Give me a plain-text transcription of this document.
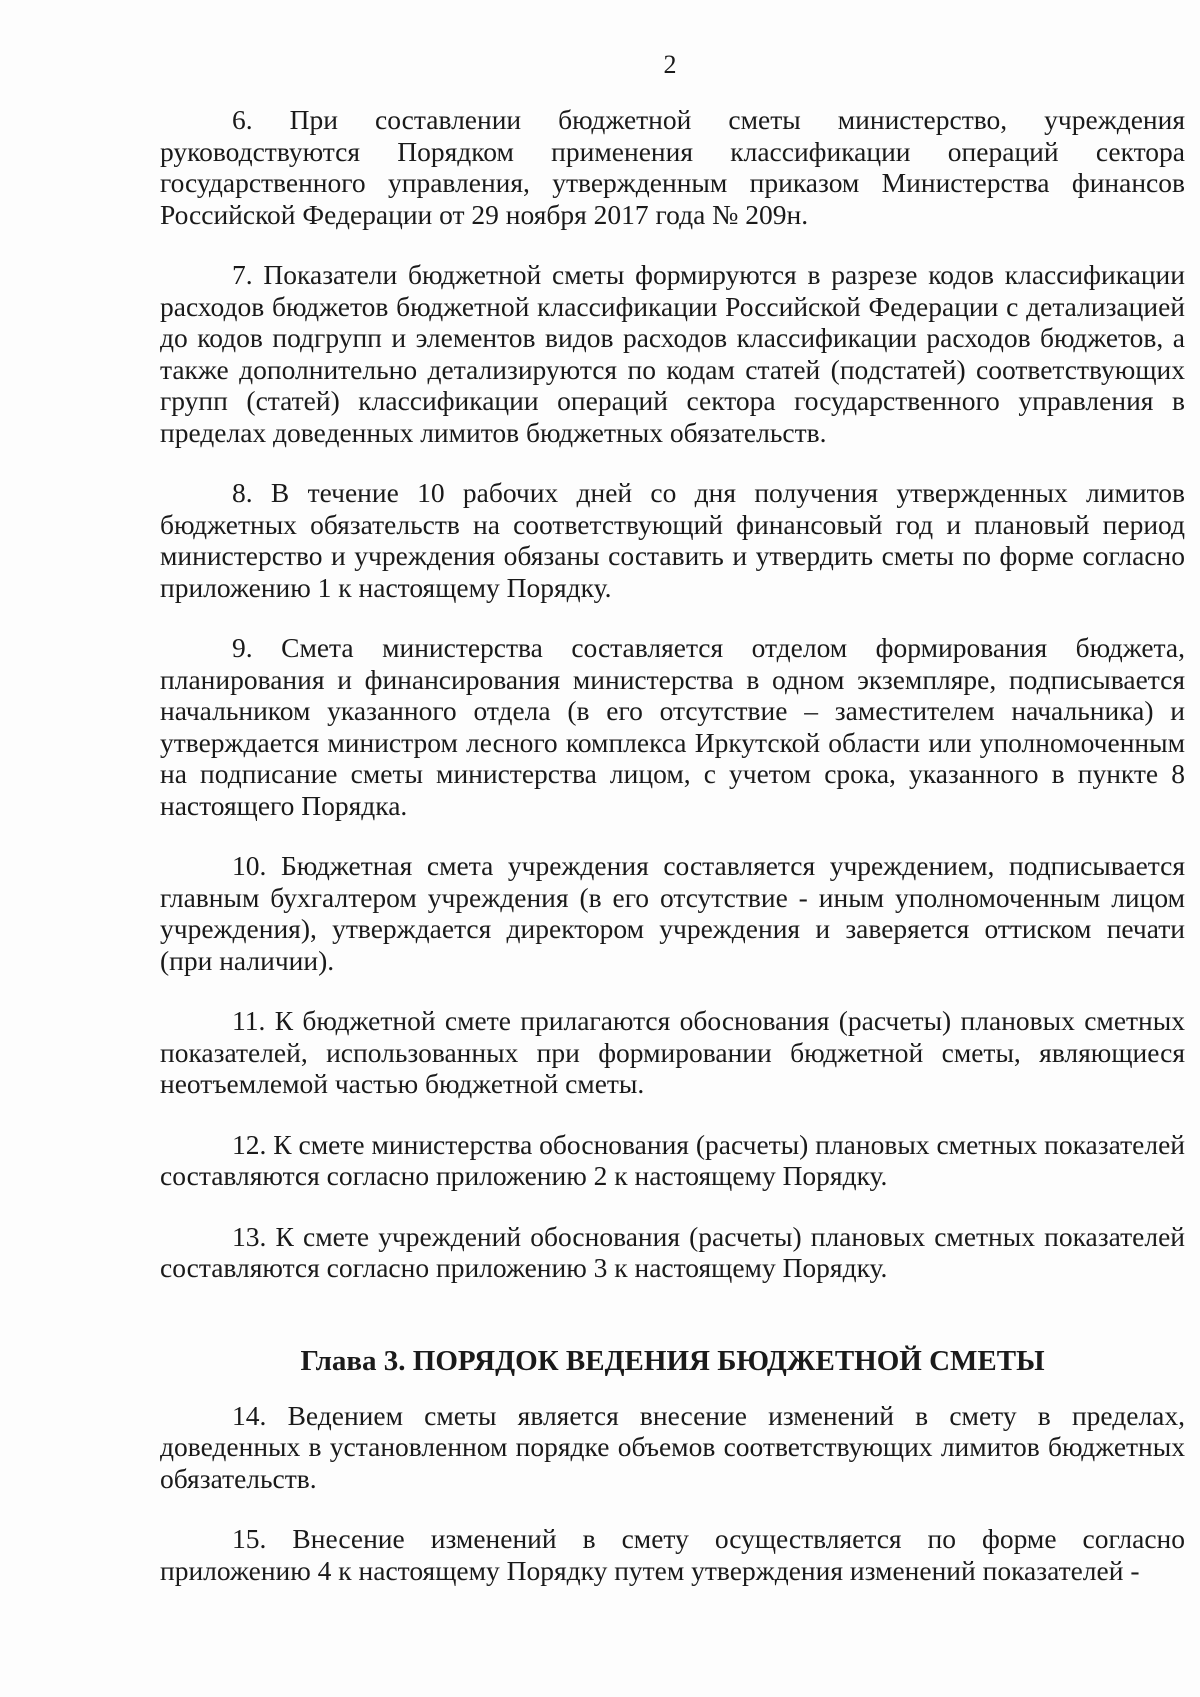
2

6. При составлении бюджетной сметы министерство, учреждения руководствуются Порядком применения классификации операций сектора государственного управления, утвержденным приказом Министерства финансов Российской Федерации от 29 ноября 2017 года № 209н.

7. Показатели бюджетной сметы формируются в разрезе кодов классификации расходов бюджетов бюджетной классификации Российской Федерации с детализацией до кодов подгрупп и элементов видов расходов классификации расходов бюджетов, а также дополнительно детализируются по кодам статей (подстатей) соответствующих групп (статей) классификации операций сектора государственного управления в пределах доведенных лимитов бюджетных обязательств.

8. В течение 10 рабочих дней со дня получения утвержденных лимитов бюджетных обязательств на соответствующий финансовый год и плановый период министерство и учреждения обязаны составить и утвердить сметы по форме согласно приложению 1 к настоящему Порядку.

9. Смета министерства составляется отделом формирования бюджета, планирования и финансирования министерства в одном экземпляре, подписывается начальником указанного отдела (в его отсутствие – заместителем начальника) и утверждается министром лесного комплекса Иркутской области или уполномоченным на подписание сметы министерства лицом, с учетом срока, указанного в пункте 8 настоящего Порядка.

10. Бюджетная смета учреждения составляется учреждением, подписывается главным бухгалтером учреждения (в его отсутствие - иным уполномоченным лицом учреждения), утверждается директором учреждения и заверяется оттиском печати (при наличии).

11. К бюджетной смете прилагаются обоснования (расчеты) плановых сметных показателей, использованных при формировании бюджетной сметы, являющиеся неотъемлемой частью бюджетной сметы.

12. К смете министерства обоснования (расчеты) плановых сметных показателей составляются согласно приложению 2 к настоящему Порядку.

13. К смете учреждений обоснования (расчеты) плановых сметных показателей составляются согласно приложению 3 к настоящему Порядку.

Глава 3. ПОРЯДОК ВЕДЕНИЯ БЮДЖЕТНОЙ СМЕТЫ

14. Ведением сметы является внесение изменений в смету в пределах, доведенных в установленном порядке объемов соответствующих лимитов бюджетных обязательств.

15. Внесение изменений в смету осуществляется по форме согласно приложению 4 к настоящему Порядку путем утверждения изменений показателей -
